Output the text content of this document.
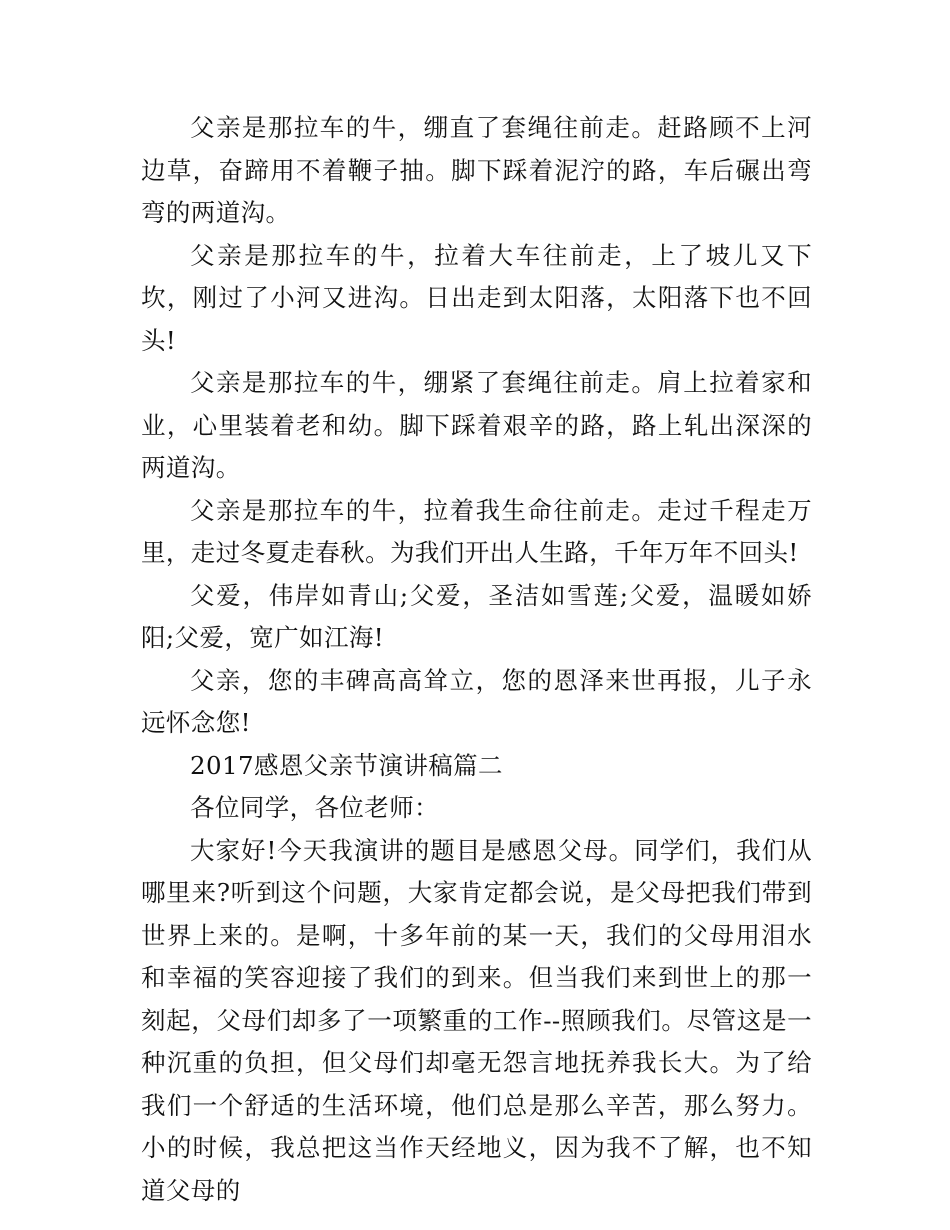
父亲是那拉车的牛，绷直了套绳往前走。赶路顾不上河边草，奋蹄用不着鞭子抽。脚下踩着泥泞的路，车后碾出弯弯的两道沟。

父亲是那拉车的牛，拉着大车往前走，上了坡儿又下坎，刚过了小河又进沟。日出走到太阳落，太阳落下也不回头!

父亲是那拉车的牛，绷紧了套绳往前走。肩上拉着家和业，心里装着老和幼。脚下踩着艰辛的路，路上轧出深深的两道沟。

父亲是那拉车的牛，拉着我生命往前走。走过千程走万里，走过冬夏走春秋。为我们开出人生路，千年万年不回头!

父爱，伟岸如青山;父爱，圣洁如雪莲;父爱，温暖如娇阳;父爱，宽广如江海!

父亲，您的丰碑高高耸立，您的恩泽来世再报，儿子永远怀念您!

2017感恩父亲节演讲稿篇二

各位同学，各位老师：

大家好!今天我演讲的题目是感恩父母。同学们，我们从哪里来?听到这个问题，大家肯定都会说，是父母把我们带到世界上来的。是啊，十多年前的某一天，我们的父母用泪水和幸福的笑容迎接了我们的到来。但当我们来到世上的那一刻起，父母们却多了一项繁重的工作--照顾我们。尽管这是一种沉重的负担，但父母们却毫无怨言地抚养我长大。为了给我们一个舒适的生活环境，他们总是那么辛苦，那么努力。小的时候，我总把这当作天经地义，因为我不了解，也不知道父母的
